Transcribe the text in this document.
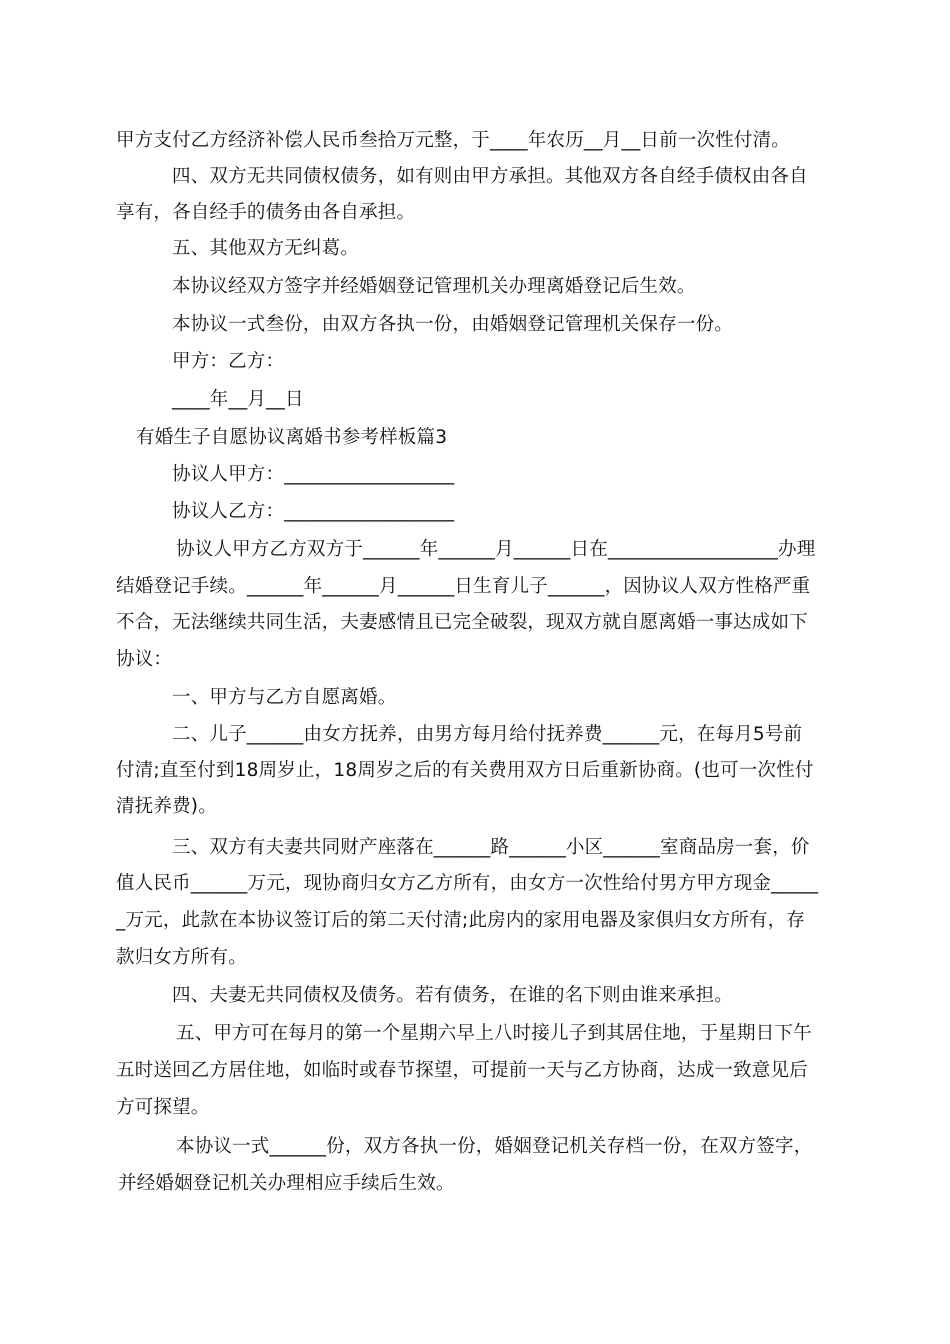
甲方支付乙方经济补偿人民币叁拾万元整，于____年农历__月__日前一次性付清。
四、双方无共同债权债务，如有则由甲方承担。其他双方各自经手债权由各自
享有，各自经手的债务由各自承担。
五、其他双方无纠葛。
本协议经双方签字并经婚姻登记管理机关办理离婚登记后生效。
本协议一式叁份，由双方各执一份，由婚姻登记管理机关保存一份。
甲方：乙方：
____年__月__日
有婚生子自愿协议离婚书参考样板篇3
协议人甲方：__________________
协议人乙方：__________________
协议人甲方乙方双方于______年______月______日在__________________办理
结婚登记手续。______年______月______日生育儿子______，因协议人双方性格严重
不合，无法继续共同生活，夫妻感情且已完全破裂，现双方就自愿离婚一事达成如下
协议：
一、甲方与乙方自愿离婚。
二、儿子______由女方抚养，由男方每月给付抚养费______元，在每月5号前
付清;直至付到18周岁止，18周岁之后的有关费用双方日后重新协商。(也可一次性付
清抚养费)。
三、双方有夫妻共同财产座落在______路______小区______室商品房一套，价
值人民币______万元，现协商归女方乙方所有，由女方一次性给付男方甲方现金_____
_万元，此款在本协议签订后的第二天付清;此房内的家用电器及家俱归女方所有，存
款归女方所有。
四、夫妻无共同债权及债务。若有债务，在谁的名下则由谁来承担。
五、甲方可在每月的第一个星期六早上八时接儿子到其居住地，于星期日下午
五时送回乙方居住地，如临时或春节探望，可提前一天与乙方协商，达成一致意见后
方可探望。
本协议一式______份，双方各执一份，婚姻登记机关存档一份，在双方签字，
并经婚姻登记机关办理相应手续后生效。
